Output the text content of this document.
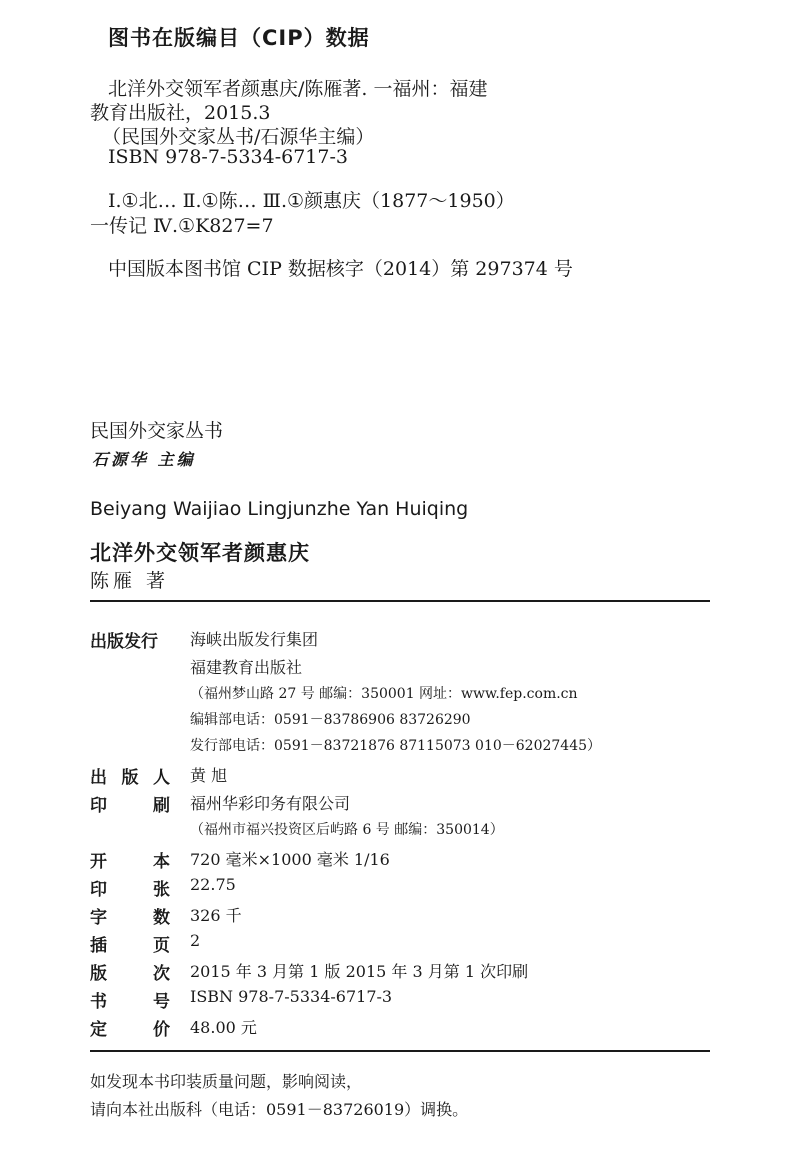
图书在版编目（CIP）数据
北洋外交领军者颜惠庆/陈雁著. 一福州：福建
教育出版社，2015.3
（民国外交家丛书/石源华主编）
ISBN 978-7-5334-6717-3
Ⅰ.①北… Ⅱ.①陈… Ⅲ.①颜惠庆（1877～1950）
一传记 Ⅳ.①K827=7
中国版本图书馆 CIP 数据核字（2014）第 297374 号
民国外交家丛书
石源华 主编
Beiyang Waijiao Lingjunzhe Yan Huiqing
北洋外交领军者颜惠庆
陈雁 著
出版发行	海峡出版发行集团
福建教育出版社
（福州梦山路 27 号 邮编：350001 网址：www.fep.com.cn
编辑部电话：0591－83786906 83726290
发行部电话：0591－83721876 87115073 010－62027445）
出 版 人 黄 旭
印	刷 福州华彩印务有限公司
（福州市福兴投资区后屿路 6 号 邮编：350014）
开	本 720 毫米×1000 毫米 1/16
印	张 22.75
字	数 326 千
插	页 2
版	次 2015 年 3 月第 1 版 2015 年 3 月第 1 次印刷
书	号 ISBN 978-7-5334-6717-3
定	价 48.00 元
如发现本书印装质量问题，影响阅读，
请向本社出版科（电话：0591－83726019）调换。
